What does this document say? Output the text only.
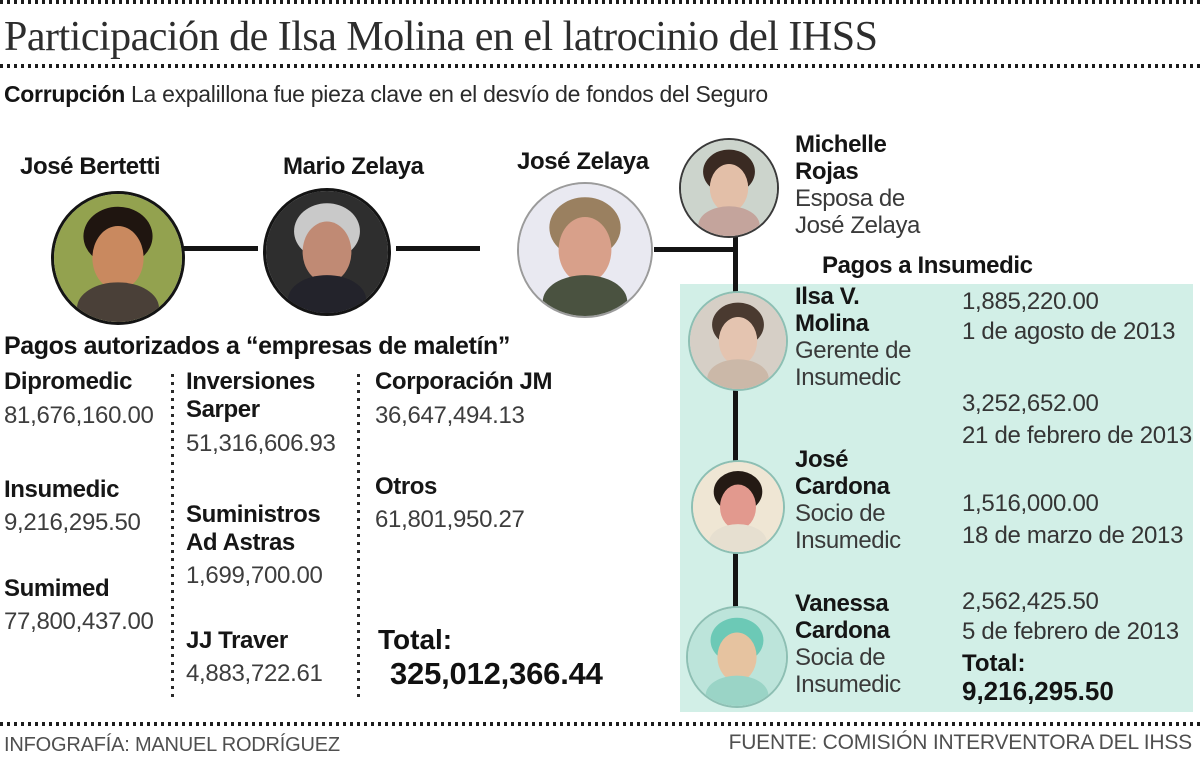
Participación de Ilsa Molina en el latrocinio del IHSS
Corrupción La expalillona fue pieza clave en el desvío de fondos del Seguro
José Bertetti	Mario Zelaya	José Zelaya
Michelle Rojas
Esposa de José Zelaya
Pagos a Insumedic
Ilsa V. Molina
Gerente de Insumedic
1,885,220.00
1 de agosto de 2013
3,252,652.00
21 de febrero de 2013
José Cardona
Socio de Insumedic
1,516,000.00
18 de marzo de 2013
Vanessa Cardona
Socia de Insumedic
2,562,425.50
5 de febrero de 2013
Total:
9,216,295.50
Pagos autorizados a “empresas de maletín”
Dipromedic
81,676,160.00
Insumedic
9,216,295.50
Sumimed
77,800,437.00
Inversiones Sarper
51,316,606.93
Suministros Ad Astras
1,699,700.00
JJ Traver
4,883,722.61
Corporación JM
36,647,494.13
Otros
61,801,950.27
Total:
325,012,366.44
INFOGRAFÍA: MANUEL RODRÍGUEZ	FUENTE: COMISIÓN INTERVENTORA DEL IHSS
